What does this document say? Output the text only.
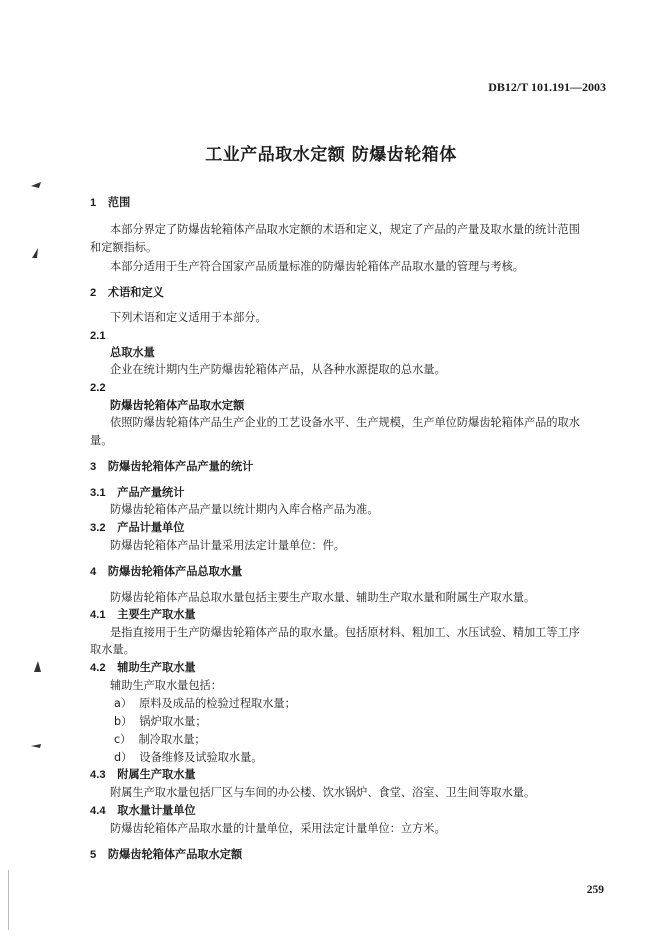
DB12/T 101.191—2003
工业产品取水定额 防爆齿轮箱体
1 范围
本部分界定了防爆齿轮箱体产品取水定额的术语和定义，规定了产品的产量及取水量的统计范围
和定额指标。
本部分适用于生产符合国家产品质量标准的防爆齿轮箱体产品取水量的管理与考核。
2 术语和定义
下列术语和定义适用于本部分。
2.1
总取水量
企业在统计期内生产防爆齿轮箱体产品，从各种水源提取的总水量。
2.2
防爆齿轮箱体产品取水定额
依照防爆齿轮箱体产品生产企业的工艺设备水平、生产规模，生产单位防爆齿轮箱体产品的取水
量。
3 防爆齿轮箱体产品产量的统计
3.1 产品产量统计
防爆齿轮箱体产品产量以统计期内入库合格产品为准。
3.2 产品计量单位
防爆齿轮箱体产品计量采用法定计量单位：件。
4 防爆齿轮箱体产品总取水量
防爆齿轮箱体产品总取水量包括主要生产取水量、辅助生产取水量和附属生产取水量。
4.1 主要生产取水量
是指直接用于生产防爆齿轮箱体产品的取水量。包括原材料、粗加工、水压试验、精加工等工序
取水量。
4.2 辅助生产取水量
辅助生产取水量包括：
a） 原料及成品的检验过程取水量；
b） 锅炉取水量；
c） 制冷取水量；
d） 设备维修及试验取水量。
4.3 附属生产取水量
附属生产取水量包括厂区与车间的办公楼、饮水锅炉、食堂、浴室、卫生间等取水量。
4.4 取水量计量单位
防爆齿轮箱体产品取水量的计量单位，采用法定计量单位：立方米。
5 防爆齿轮箱体产品取水定额
259
